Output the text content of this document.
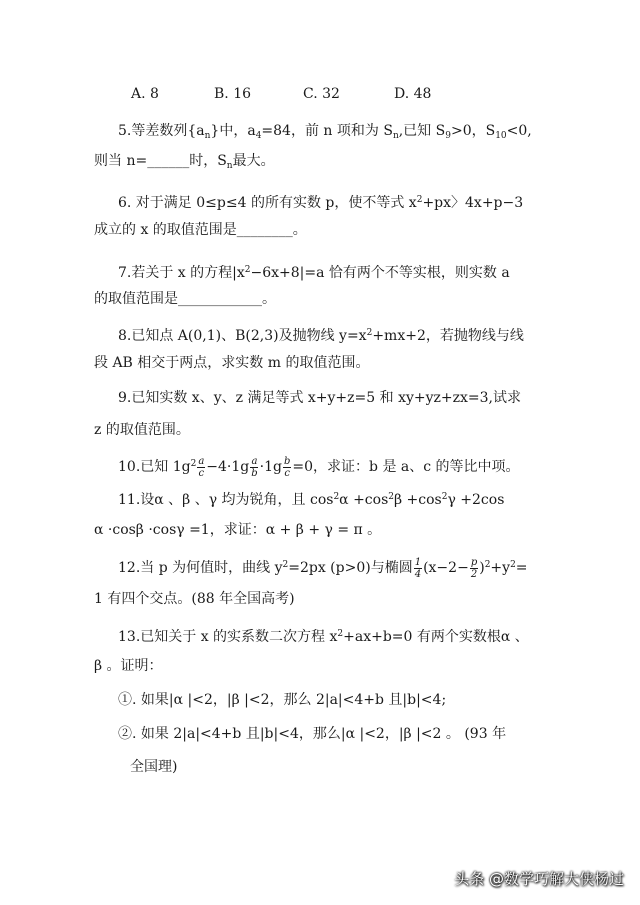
A. 8	B. 16	C. 32	D. 48
5.等差数列$\{a_n\}$中，$a_4=84$，前 n 项和为 $S_n$,已知 $S_9>0$，$S_{10}<0$,
则当 n=______时，$S_n$最大。
6. 对于满足 0≤p≤4 的所有实数 p，使不等式 $x^2+px$〉4x+p−3
成立的 x 的取值范围是________。
7.若关于 x 的方程$|x^2-6x+8|=a$ 恰有两个不等实根，则实数 a
的取值范围是____________。
8.已知点 A(0,1)、B(2,3)及抛物线 $y=x^2+mx+2$，若抛物线与线
段 AB 相交于两点，求实数 m 的取值范围。
9.已知实数 x、y、z 满足等式 x+y+z=5 和 xy+yz+zx=3,试求
z 的取值范围。
10.已知 $1g^2 \frac{a}{c} -4\cdot 1g \frac{a}{b} \cdot 1g \frac{b}{c} =0$，求证：b 是 a、c 的等比中项。
11.设α 、β 、γ 均为锐角，且 $\cos^2\alpha +\cos^2\beta +\cos^2\gamma +2\cos$
α ·cosβ ·cosγ =1，求证：α + β + γ = π 。
12.当 p 为何值时，曲线 $y^2=2px$ (p>0)与椭圆 $\frac{1}{4} (x-2- \frac{p}{2} )^2+y^2=$
1 有四个交点。(88 年全国高考)
13.已知关于 x 的实系数二次方程 $x^2+ax+b=0$ 有两个实数根α 、
β 。证明：
①. 如果|α |<2，|β |<2，那么 2|a|<4+b 且|b|<4;
②. 如果 2|a|<4+b 且|b|<4，那么|α |<2，|β |<2 。 (93 年
全国理)
头条 @数学巧解大侠杨过
